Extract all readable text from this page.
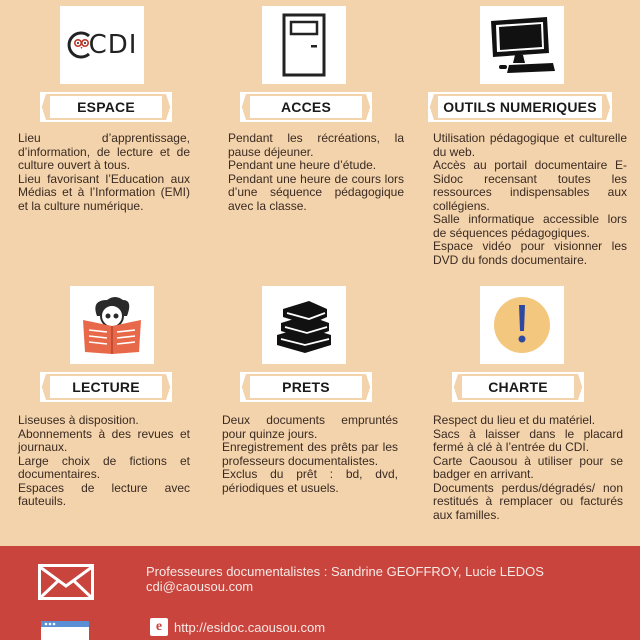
CDI
ESPACE	ACCES	OUTILS NUMERIQUES
Lieu d’apprentissage, d’information, de lecture et de culture ouvert à tous.
Lieu favorisant l’Education aux Médias et à l’Information (EMI) et la culture numérique.
Pendant les récréations, la pause déjeuner.
Pendant une heure d’étude.
Pendant une heure de cours lors d’une séquence pédagogique avec la classe.
Utilisation pédagogique et culturelle du web.
Accès au portail documentaire E-Sidoc recensant toutes les ressources indispensables aux collégiens.
Salle informatique accessible lors de séquences pédagogiques.
Espace vidéo pour visionner les DVD du fonds documentaire.
LECTURE	PRETS	CHARTE
Liseuses à disposition.
Abonnements à des revues et journaux.
Large choix de fictions et documentaires.
Espaces de lecture avec fauteuils.
Deux documents empruntés pour quinze jours.
Enregistrement des prêts par les professeurs documentalistes.
Exclus du prêt : bd, dvd, périodiques et usuels.
Respect du lieu et du matériel.
Sacs à laisser dans le placard fermé à clé à l’entrée du CDI.
Carte Caousou à utiliser pour se badger en arrivant.
Documents perdus/dégradés/ non restitués à remplacer ou facturés aux familles.
Professeures documentalistes : Sandrine GEOFFROY, Lucie LEDOS
cdi@caousou.com
e http://esidoc.caousou.com
